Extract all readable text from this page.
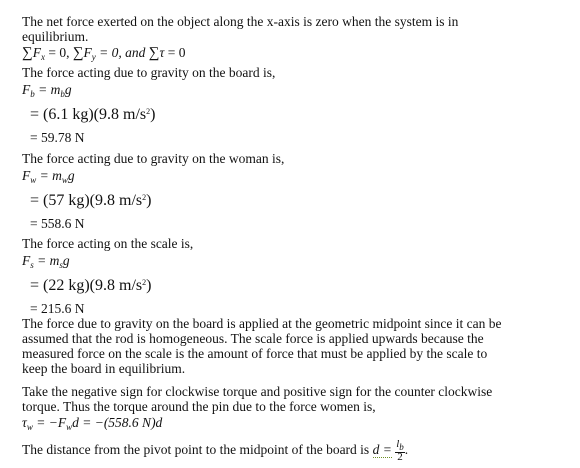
The net force exerted on the object along the x-axis is zero when the system is in
equilibrium.
$\sum F_x = 0$, $\sum F_y = 0$, and ∑τ = 0
The force acting due to gravity on the board is,
$F_b = m_bg$
= (6.1 kg)(9.8 $m/s^2$)
= 59.78 N
The force acting due to gravity on the woman is,
$F_w = m_wg$
= (57 kg)(9.8 $m/s^2$)
= 558.6 N
The force acting on the scale is,
$F_s = m_sg$
= (22 kg)(9.8 $m/s^2$)
= 215.6 N
The force due to gravity on the board is applied at the geometric midpoint since it can be
assumed that the rod is homogeneous. The scale force is applied upwards because the
measured force on the scale is the amount of force that must be applied by the scale to
keep the board in equilibrium.
Take the negative sign for clockwise torque and positive sign for the counter clockwise
torque. Thus the torque around the pin due to the force women is,
$\tau_w = -F_wd = -(558.6$ N)d
The distance from the pivot point to the midpoint of the board is $d = \frac{l_b}{2}$ .
